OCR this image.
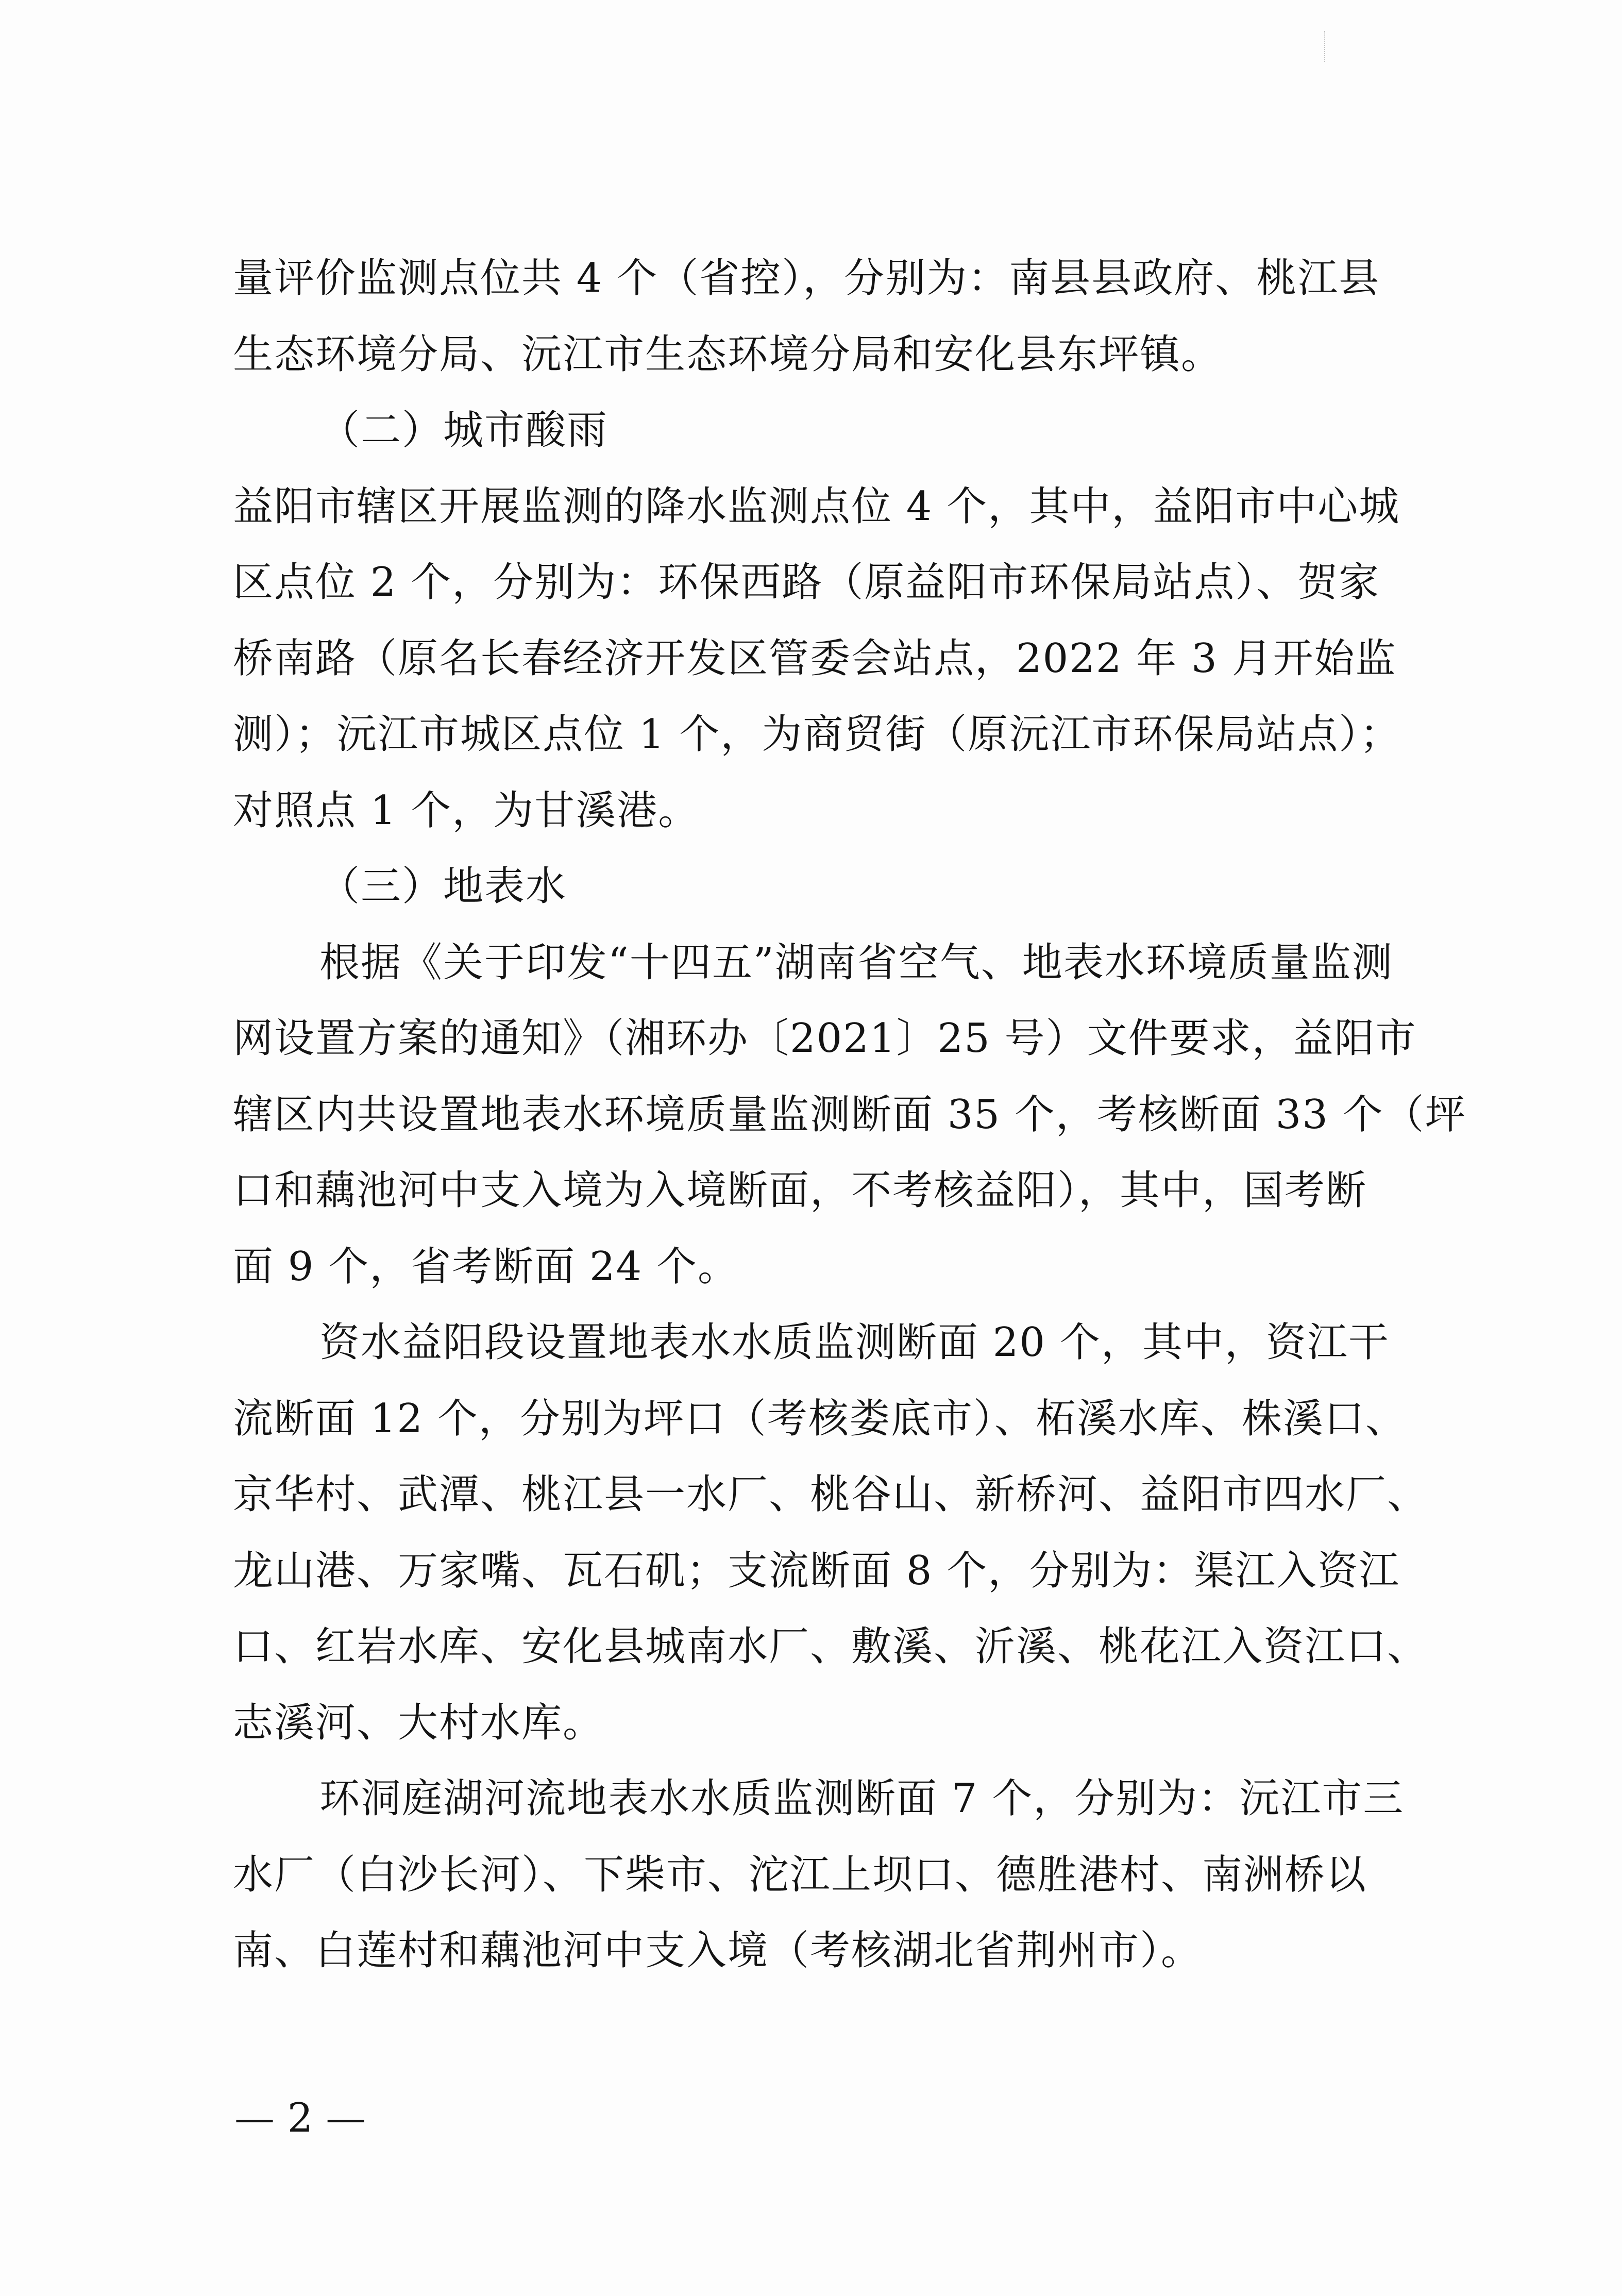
量评价监测点位共 4 个（省控），分别为：南县县政府、桃江县
生态环境分局、沅江市生态环境分局和安化县东坪镇。
（二）城市酸雨
益阳市辖区开展监测的降水监测点位 4 个，其中，益阳市中心城
区点位 2 个，分别为：环保西路（原益阳市环保局站点）、贺家
桥南路（原名长春经济开发区管委会站点，2022 年 3 月开始监
测）；沅江市城区点位 1 个，为商贸街（原沅江市环保局站点）；
对照点 1 个，为甘溪港。
（三）地表水
根据《关于印发“十四五”湖南省空气、地表水环境质量监测
网设置方案的通知》（湘环办〔2021〕25 号）文件要求，益阳市
辖区内共设置地表水环境质量监测断面 35 个，考核断面 33 个（坪
口和藕池河中支入境为入境断面，不考核益阳），其中，国考断
面 9 个，省考断面 24 个。
资水益阳段设置地表水水质监测断面 20 个，其中，资江干
流断面 12 个，分别为坪口（考核娄底市）、柘溪水库、株溪口、
京华村、武潭、桃江县一水厂、桃谷山、新桥河、益阳市四水厂、
龙山港、万家嘴、瓦石矶；支流断面 8 个，分别为：渠江入资江
口、红岩水库、安化县城南水厂、敷溪、沂溪、桃花江入资江口、
志溪河、大村水库。
环洞庭湖河流地表水水质监测断面 7 个，分别为：沅江市三
水厂（白沙长河）、下柴市、沱江上坝口、德胜港村、南洲桥以
南、白莲村和藕池河中支入境（考核湖北省荆州市）。
— 2 —
